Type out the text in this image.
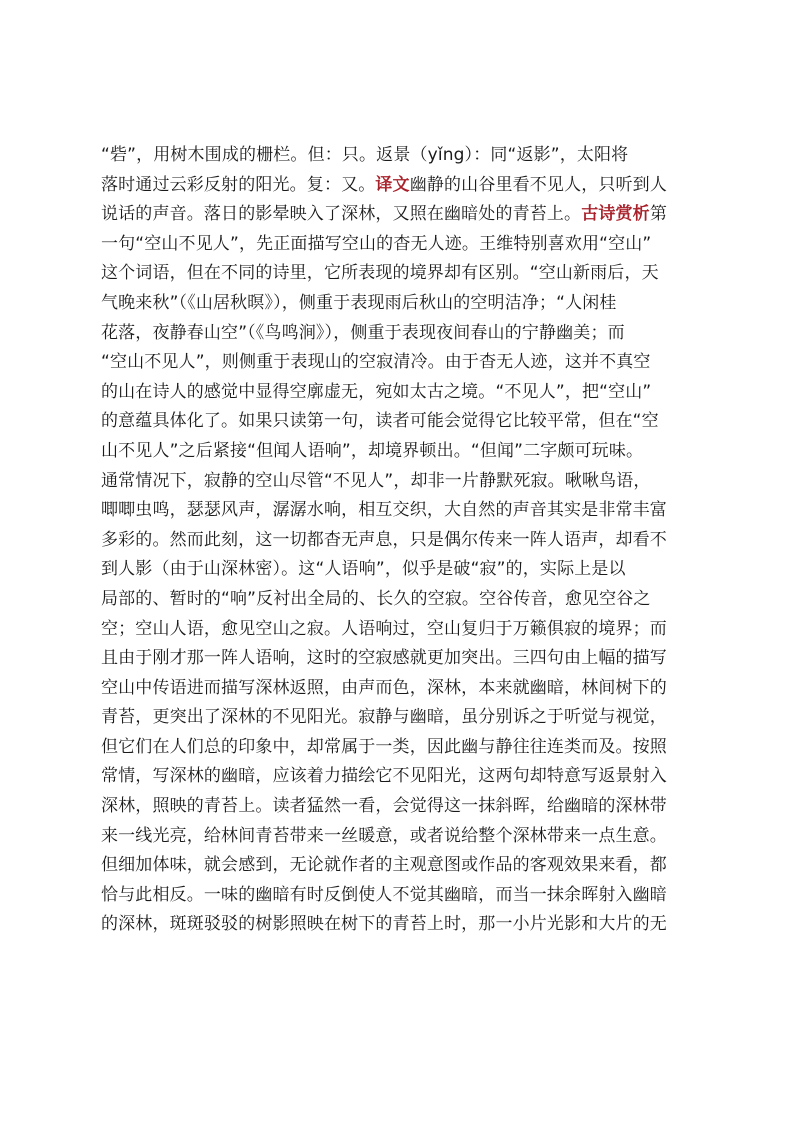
“砦”，用树木围成的栅栏。但：只。返景（yǐng）：同“返影”，太阳将
落时通过云彩反射的阳光。复：又。译文幽静的山谷里看不见人，只听到人
说话的声音。落日的影晕映入了深林，又照在幽暗处的青苔上。古诗赏析第
一句“空山不见人”，先正面描写空山的杳无人迹。王维特别喜欢用“空山”
这个词语，但在不同的诗里，它所表现的境界却有区别。“空山新雨后，天
气晚来秋”（《山居秋暝》），侧重于表现雨后秋山的空明洁净；“人闲桂
花落，夜静春山空”（《鸟鸣涧》），侧重于表现夜间春山的宁静幽美；而
“空山不见人”，则侧重于表现山的空寂清冷。由于杳无人迹，这并不真空
的山在诗人的感觉中显得空廓虚无，宛如太古之境。“不见人”，把“空山”
的意蕴具体化了。如果只读第一句，读者可能会觉得它比较平常，但在“空
山不见人”之后紧接“但闻人语响”，却境界顿出。“但闻”二字颇可玩味。
通常情况下，寂静的空山尽管“不见人”，却非一片静默死寂。啾啾鸟语，
唧唧虫鸣，瑟瑟风声，潺潺水响，相互交织，大自然的声音其实是非常丰富
多彩的。然而此刻，这一切都杳无声息，只是偶尔传来一阵人语声，却看不
到人影（由于山深林密）。这“人语响”，似乎是破“寂”的，实际上是以
局部的、暂时的“响”反衬出全局的、长久的空寂。空谷传音，愈见空谷之
空；空山人语，愈见空山之寂。人语响过，空山复归于万籁俱寂的境界；而
且由于刚才那一阵人语响，这时的空寂感就更加突出。三四句由上幅的描写
空山中传语进而描写深林返照，由声而色，深林，本来就幽暗，林间树下的
青苔，更突出了深林的不见阳光。寂静与幽暗，虽分别诉之于听觉与视觉，
但它们在人们总的印象中，却常属于一类，因此幽与静往往连类而及。按照
常情，写深林的幽暗，应该着力描绘它不见阳光，这两句却特意写返景射入
深林，照映的青苔上。读者猛然一看，会觉得这一抹斜晖，给幽暗的深林带
来一线光亮，给林间青苔带来一丝暖意，或者说给整个深林带来一点生意。
但细加体味，就会感到，无论就作者的主观意图或作品的客观效果来看，都
恰与此相反。一味的幽暗有时反倒使人不觉其幽暗，而当一抹余晖射入幽暗
的深林，斑斑驳驳的树影照映在树下的青苔上时，那一小片光影和大片的无
